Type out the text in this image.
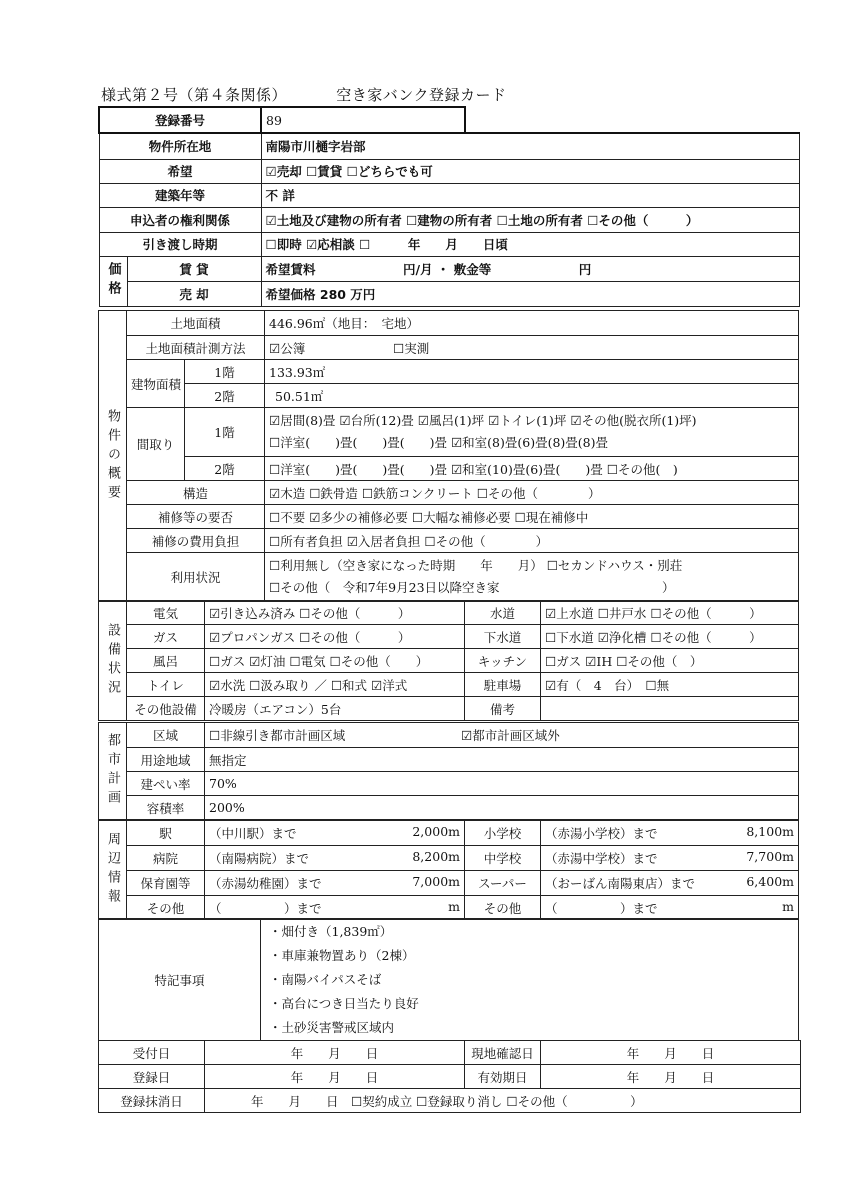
様式第２号（第４条関係）	空き家バンク登録カード
登録番号		89	
物件所在地		南陽市川樋字岩部	
希望		☑売却 ☐賃貸 ☐どちらでも可	
建築年等		不 詳	
申込者の権利関係		☑土地及び建物の所有者 ☐建物の所有者 ☐土地の所有者 ☐その他（　　　）	
引き渡し時期		☐即時 ☑応相談 ☐　　　年　　月　　日頃	
価格	賃 貸	希望賃料　　　　　　　円/月 ・ 敷金等　　　　　　　円	
	売 却	希望価格 280 万円	
物件の概要	土地面積		446.96㎡（地目：　宅地）
	土地面積計測方法		☑公簿 ☐実測
	建物面積	1階	133.93㎡
		2階	50.51㎡
	間取り	1階	☑居間(8)畳 ☑台所(12)畳 ☑風呂(1)坪 ☑トイレ(1)坪 ☑その他(脱衣所(1)坪)
☐洋室(　　)畳(　　)畳(　　)畳 ☑和室(8)畳(6)畳(8)畳(8)畳

		2階	☐洋室(　　)畳(　　)畳(　　)畳 ☑和室(10)畳(6)畳(　　)畳 ☐その他(　)
	構造		☑木造 ☐鉄骨造 ☐鉄筋コンクリート ☐その他（　　　　）
	補修等の要否		☐不要 ☑多少の補修必要 ☐大幅な補修必要 ☐現在補修中
	補修の費用負担		☐所有者負担 ☑入居者負担 ☐その他（　　　　）
	利用状況		☐利用無し（空き家になった時期　　年　　月） ☐セカンドハウス・別荘
☐その他（　令和7年9月23日以降空き家　　　　　　　　　　　　　）
設備状況	電気	☑引き込み済み ☐その他（　　　）	水道	☑上水道 ☐井戸水 ☐その他（　　　）
	ガス	☑プロパンガス ☐その他（　　　）	下水道	☐下水道 ☑浄化槽 ☐その他（　　　）
	風呂	☐ガス ☑灯油 ☐電気 ☐その他（　　）	キッチン	☐ガス ☑IH ☐その他（　）
	トイレ	☑水洗 ☐汲み取り ／ ☐和式 ☑洋式	駐車場	☑有（　4　台）　☐無
	その他設備	冷暖房（エアコン）5台	備考	
都市計画	区域	☐非線引き都市計画区域 ☑都市計画区域外
	用途地域	無指定
	建ぺい率	70%
	容積率	200%
周辺情報	駅	（中川駅）まで 2,000m	小学校	（赤湯小学校）まで 8,100m

	病院	（南陽病院）まで 8,200m	中学校	（赤湯中学校）まで 7,700m

	保育園等	（赤湯幼稚園）まで 7,000m	スーパー	（おーばん南陽東店）まで 6,400m

	その他	（　　　　　）まで m	その他	（　　　　　）まで m
特記事項	
・畑付き（1,839㎡）
・車庫兼物置あり（2棟）
・南陽バイパスそば
・高台につき日当たり良好
・土砂災害警戒区域内
受付日	年　　月　　日	現地確認日	年　　月　　日
登録日	年　　月　　日	有効期日	年　　月　　日
登録抹消日	年　　月　　日　☐契約成立 ☐登録取り消し ☐その他（　　　　　）		
